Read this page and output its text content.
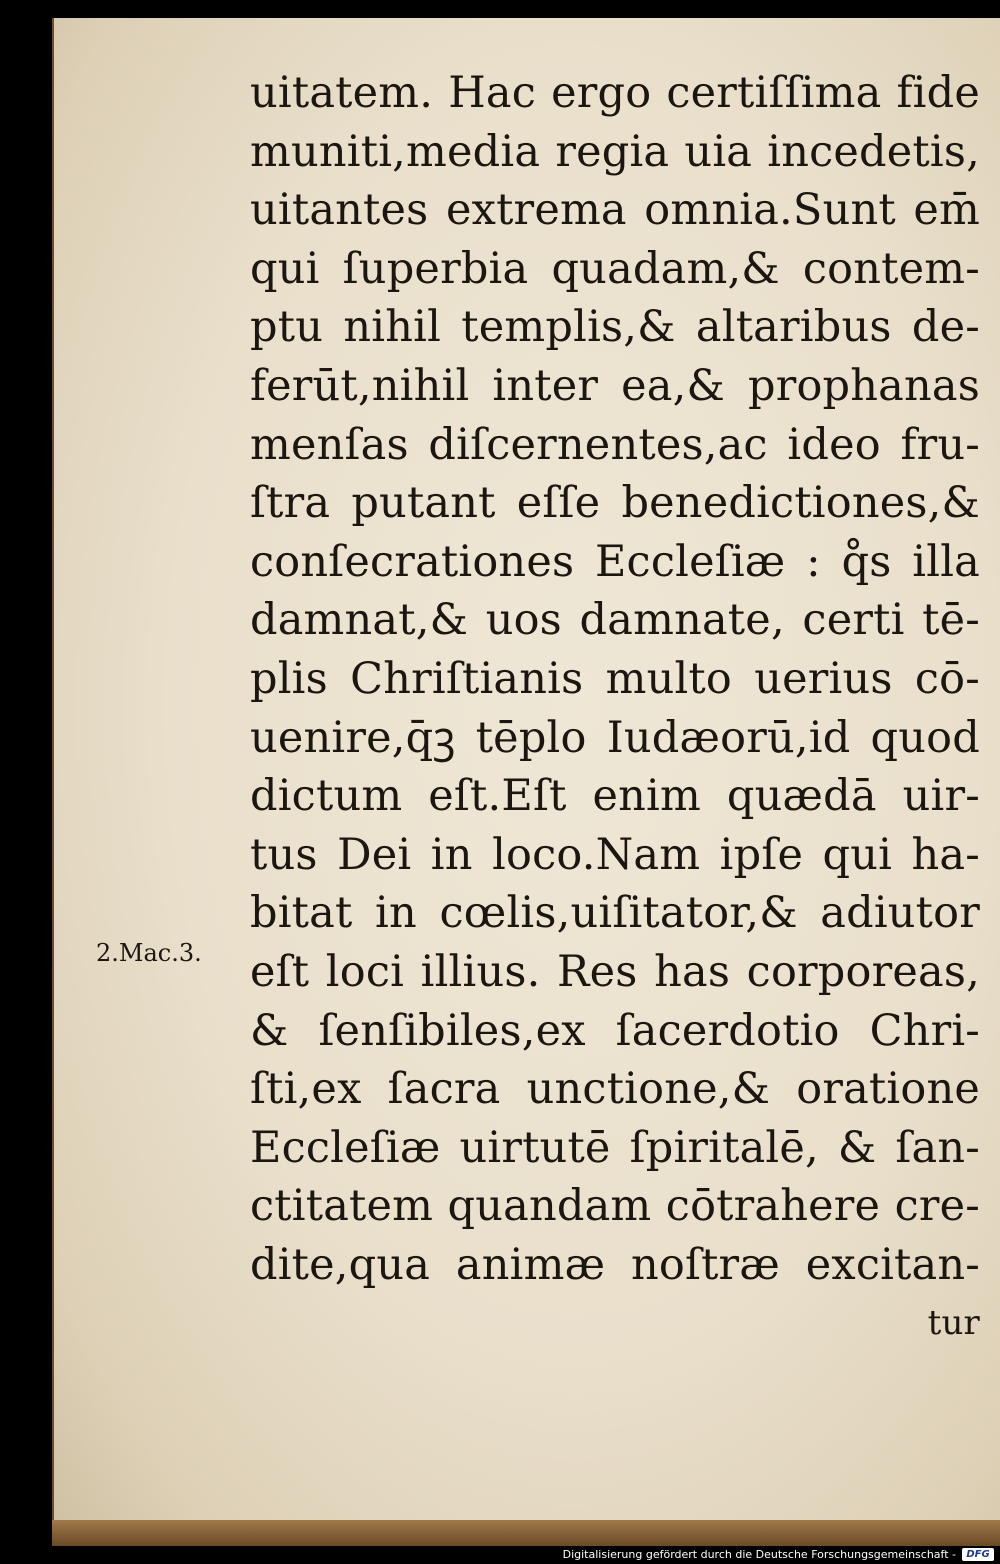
2.Mac.3.
uitatem. Hac ergo certiſſima fide
muniti,media regia uia incedetis,
uitantes extrema omnia.Sunt em̄
qui ſuperbia quadam,& contem-
ptu nihil templis,& altaribus de-
ferūt,nihil inter ea,& prophanas
menſas diſcernentes,ac ideo fru-
ſtra putant eſſe benedictiones,&
conſecrationes Eccleſiæ : q̊s illa
damnat,& uos damnate, certi tē-
plis Chriſtianis multo uerius cō-
uenire,q̄ꝫ tēplo Iudæorū,id quod
dictum eſt.Eſt enim quædā uir-
tus Dei in loco.Nam ipſe qui ha-
bitat in cœlis,uiſitator,& adiutor
eſt loci illius. Res has corporeas,
& ſenſibiles,ex ſacerdotio Chri-
ſti,ex ſacra unctione,& oratione
Eccleſiæ uirtutē ſpiritalē, & ſan-
ctitatem quandam cōtrahere cre-
dite,qua animæ noſtræ excitan-
tur
Digitalisierung gefördert durch die Deutsche Forschungsgemeinschaft -	DFG
